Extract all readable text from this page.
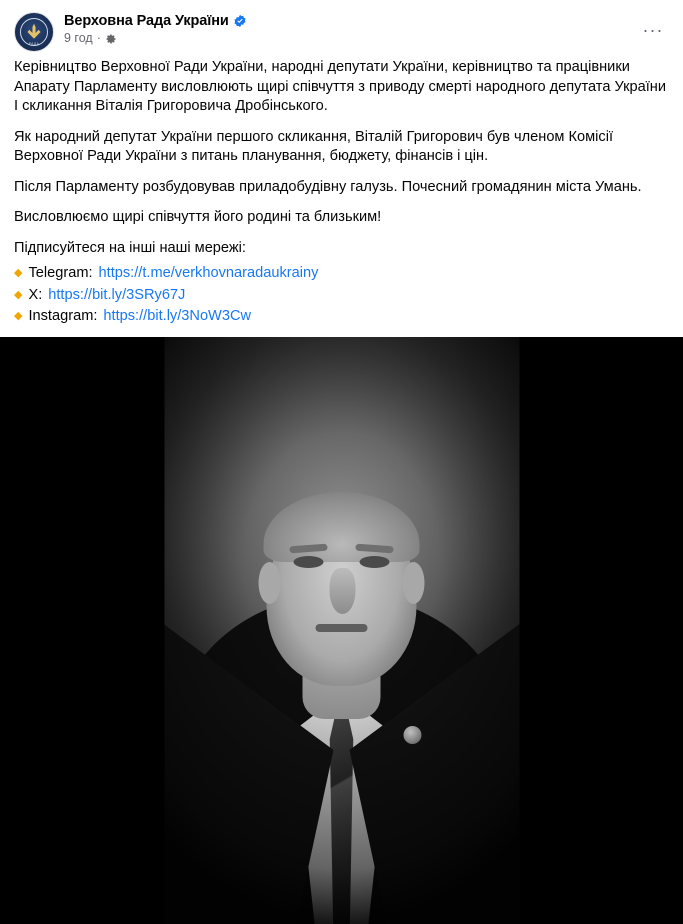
РАДА
Верховна Рада України
9 год ·	···

Керівництво Верховної Ради України, народні депутати України, керівництво та працівники Апарату Парламенту висловлюють щирі співчуття з приводу смерті народного депутата України І скликання Віталія Григоровича Дробінського.

Як народний депутат України першого скликання, Віталій Григорович був членом Комісії Верховної Ради України з питань планування, бюджету, фінансів і цін.

Після Парламенту розбудовував приладобудівну галузь. Почесний громадянин міста Умань.

Висловлюємо щирі співчуття його родині та близьким!

Підписуйтеся на інші наші мережі:

◆ Telegram: https://t.me/verkhovnaradaukrainy
◆ X: https://bit.ly/3SRy67J
◆ Instagram: https://bit.ly/3NoW3Cw
